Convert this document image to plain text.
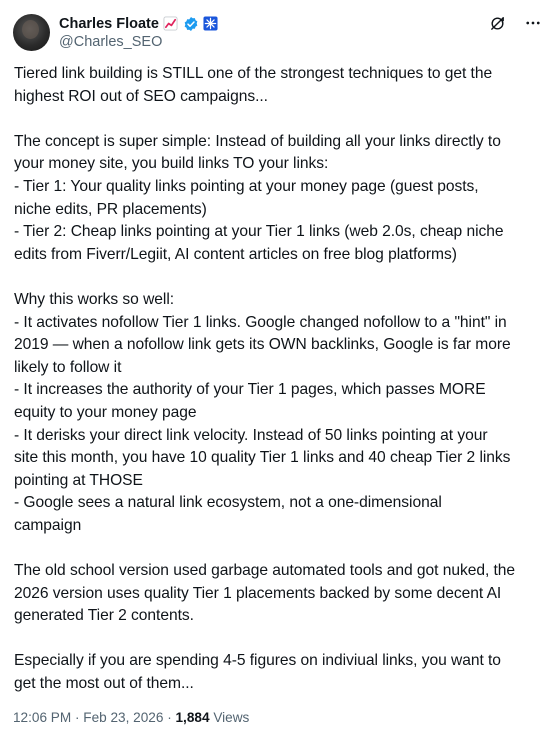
Charles Floate
@Charles_SEO
Tiered link building is STILL one of the strongest techniques to get the
highest ROI out of SEO campaigns...
The concept is super simple: Instead of building all your links directly to
your money site, you build links TO your links:
- Tier 1: Your quality links pointing at your money page (guest posts,
niche edits, PR placements)
- Tier 2: Cheap links pointing at your Tier 1 links (web 2.0s, cheap niche
edits from Fiverr/Legiit, AI content articles on free blog platforms)
Why this works so well:
- It activates nofollow Tier 1 links. Google changed nofollow to a "hint" in
2019 — when a nofollow link gets its OWN backlinks, Google is far more
likely to follow it
- It increases the authority of your Tier 1 pages, which passes MORE
equity to your money page
- It derisks your direct link velocity. Instead of 50 links pointing at your
site this month, you have 10 quality Tier 1 links and 40 cheap Tier 2 links
pointing at THOSE
- Google sees a natural link ecosystem, not a one-dimensional
campaign
The old school version used garbage automated tools and got nuked, the
2026 version uses quality Tier 1 placements backed by some decent AI
generated Tier 2 contents.
Especially if you are spending 4-5 figures on indiviual links, you want to
get the most out of them...
12:06 PM · Feb 23, 2026 · 1,884 Views
